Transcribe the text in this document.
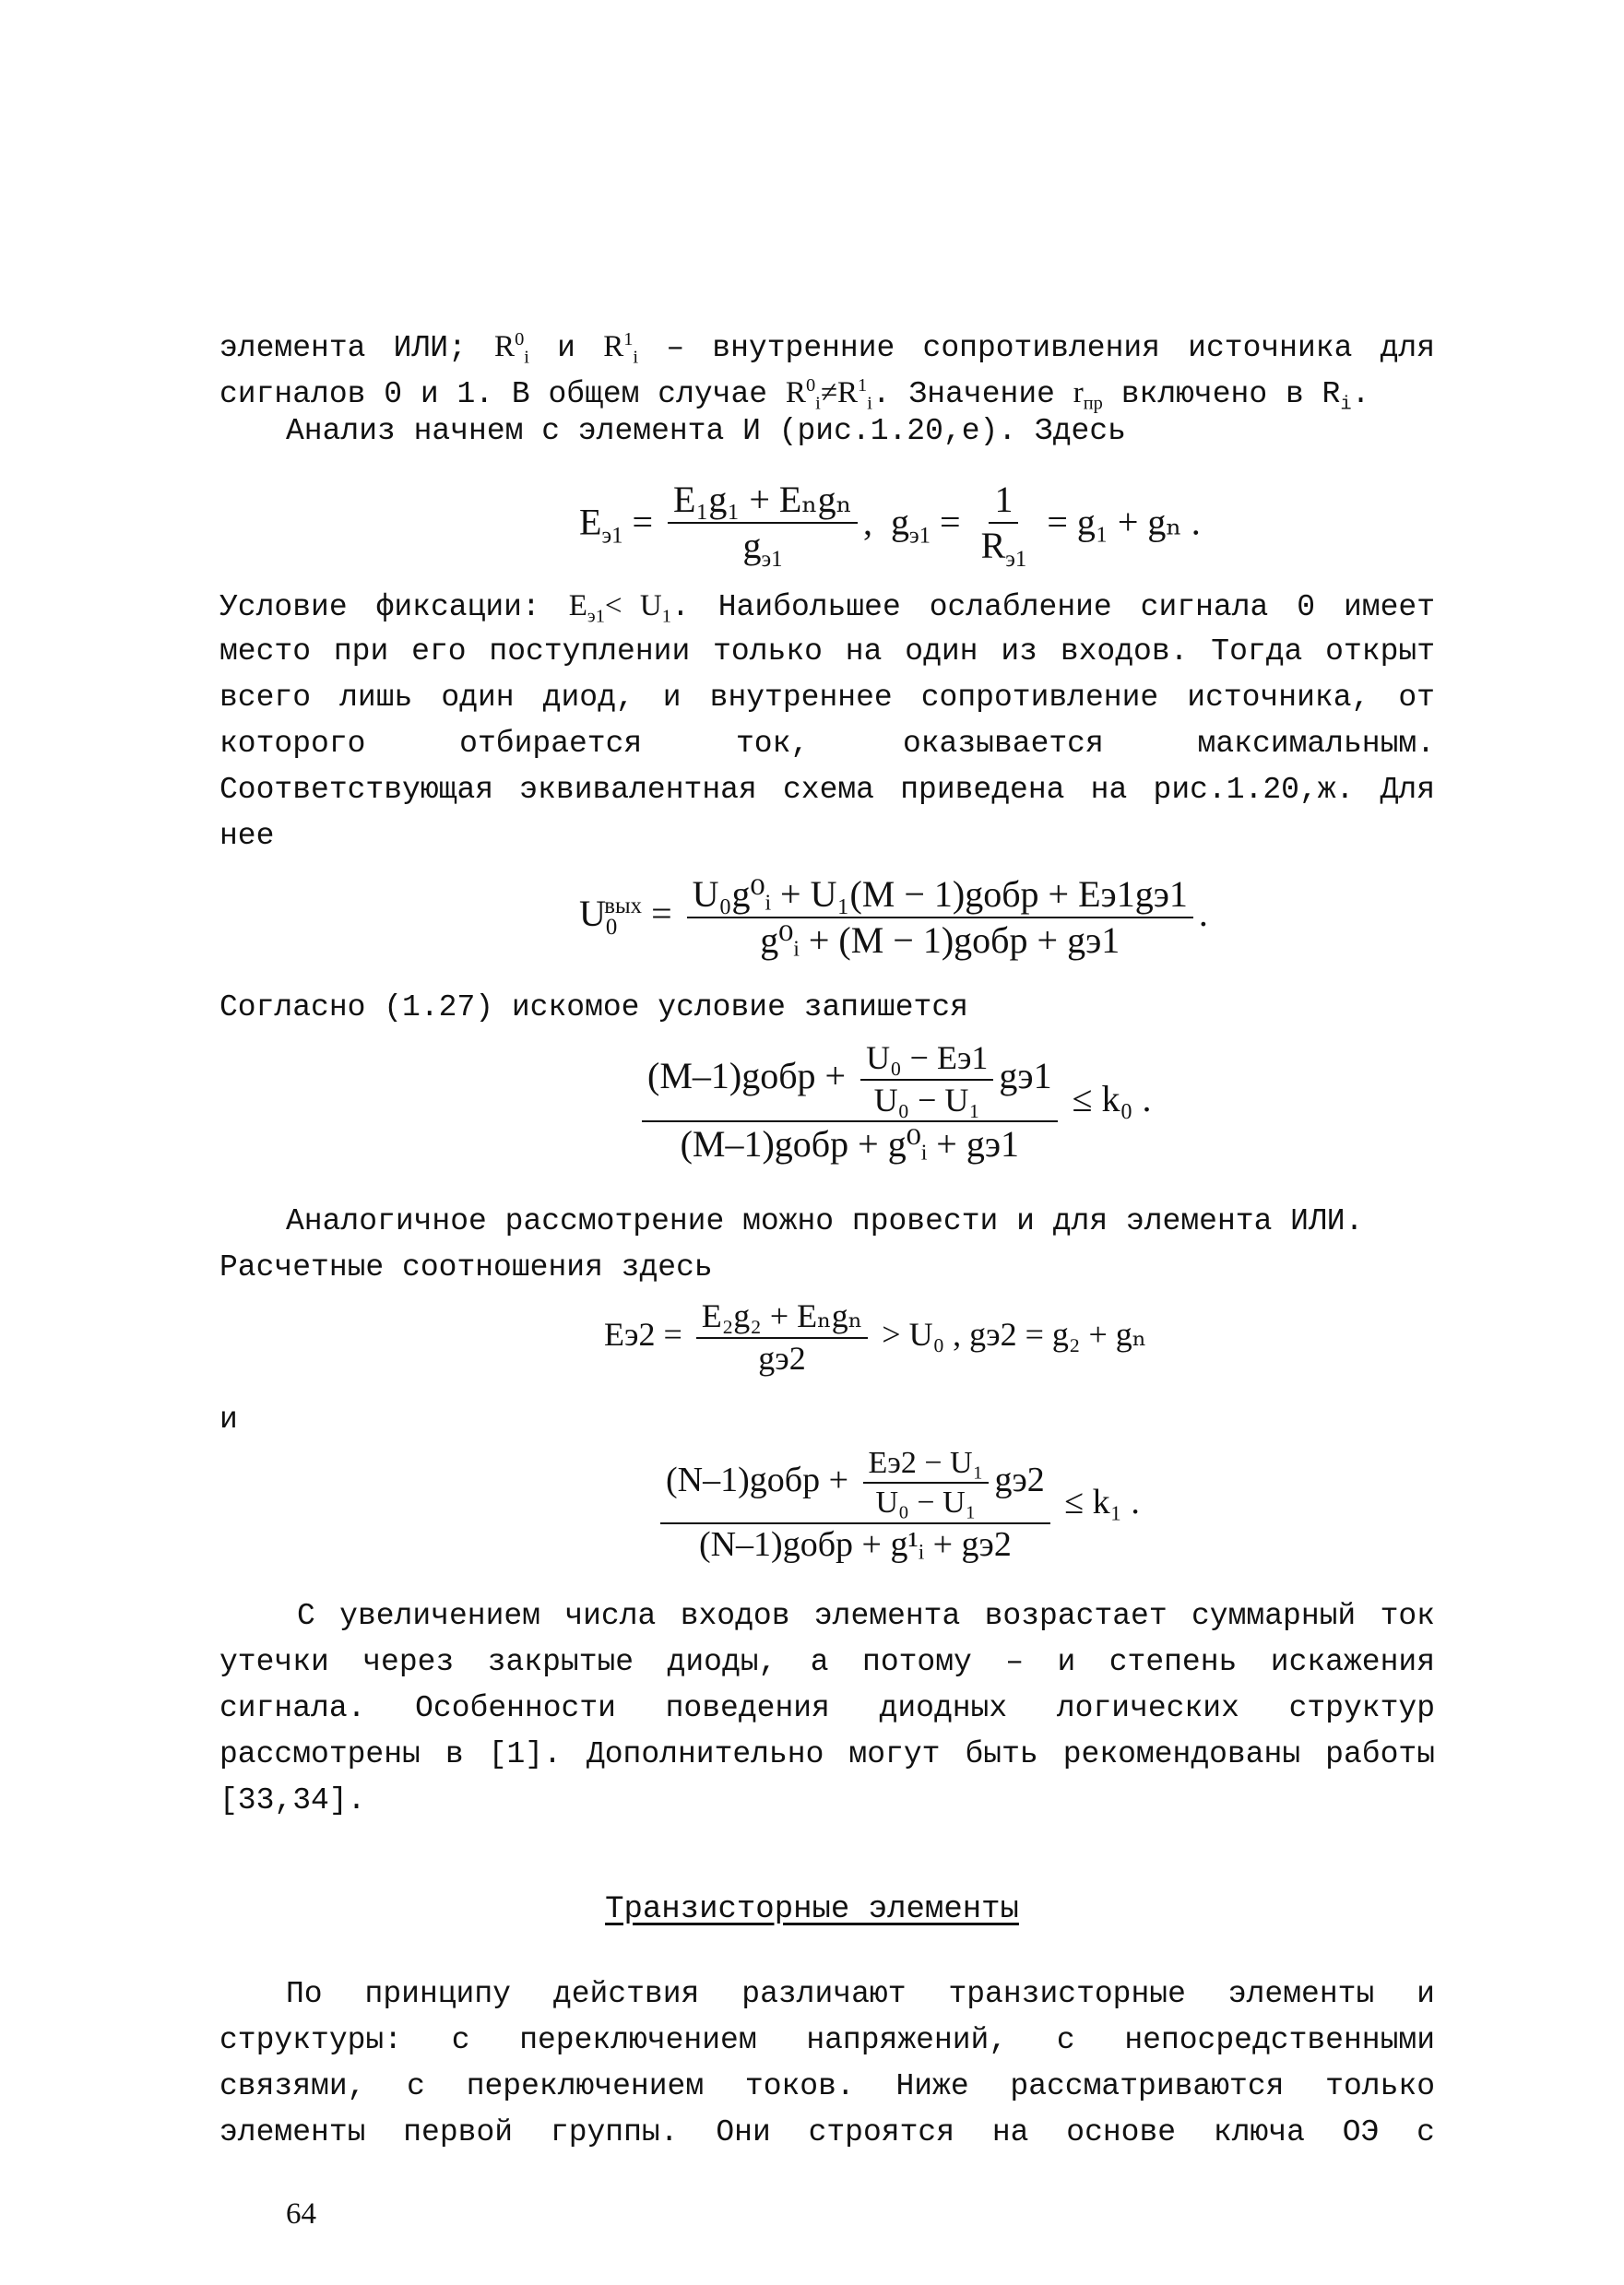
элемента ИЛИ; $R^0_i$ и $R^1_i$ – внутренние сопротивления источника для
сигналов 0 и 1. В общем случае $R^0_i\ne R^1_i$. Значение $r_{пр}$ включено в $R_i$.
Анализ начнем с элемента И (рис.1.20,е). Здесь
$E_{э1} = \frac{\text{E₁g₁ + Eₙgₙ}}{g_{э1}}$ , $g_{э1} = \frac{1}{R_{э1}} = g_1 + g_n$ .
Условие фиксации: $E_{э1}< U_1$. Наибольшее ослабление сигнала 0 имеет
место при его поступлении только на один из входов. Тогда открыт
всего лишь один диод, и внутреннее сопротивление источника, от
которого отбирается ток, оказывается максимальным.
Соответствующая эквивалентная схема приведена на рис.1.20,ж. Для
нее
$U_0^{вых} = \frac{\text{U₀g⁰ᵢ + U₁(M − 1)gобр + Eэ1gэ1}}{\text{g⁰ᵢ + (M − 1)gобр + gэ1}}$ .
Согласно (1.27) искомое условие запишется
(M–1)gобр + $\frac{\text{U₀ − Eэ1}}{\text{U₀ − U₁}} gэ1$
(M–1)gобр + g⁰ᵢ + gэ1
≤ k₀ .
Аналогичное рассмотрение можно провести и для элемента ИЛИ.
Расчетные соотношения здесь
$Eэ2 = \frac{\text{E₂g₂ + Eₙgₙ}}{gэ2} > U_0$ , gэ2 = g₂ + gₙ
и
(N–1)gобр + $\frac{\text{Eэ2 − U₁}}{\text{U₀ − U₁}} gэ2$
(N–1)gобр + g¹ᵢ + gэ2
≤ k₁ .
С увеличением числа входов элемента возрастает суммарный ток
утечки через закрытые диоды, а потому – и степень искажения
сигнала. Особенности поведения диодных логических структур
рассмотрены в [1]. Дополнительно могут быть рекомендованы работы
[33,34].
Транзисторные элементы
По принципу действия различают транзисторные элементы и
структуры: с переключением напряжений, с непосредственными
связями, с переключением токов. Ниже рассматриваются только
элементы первой группы. Они строятся на основе ключа ОЭ с
64
